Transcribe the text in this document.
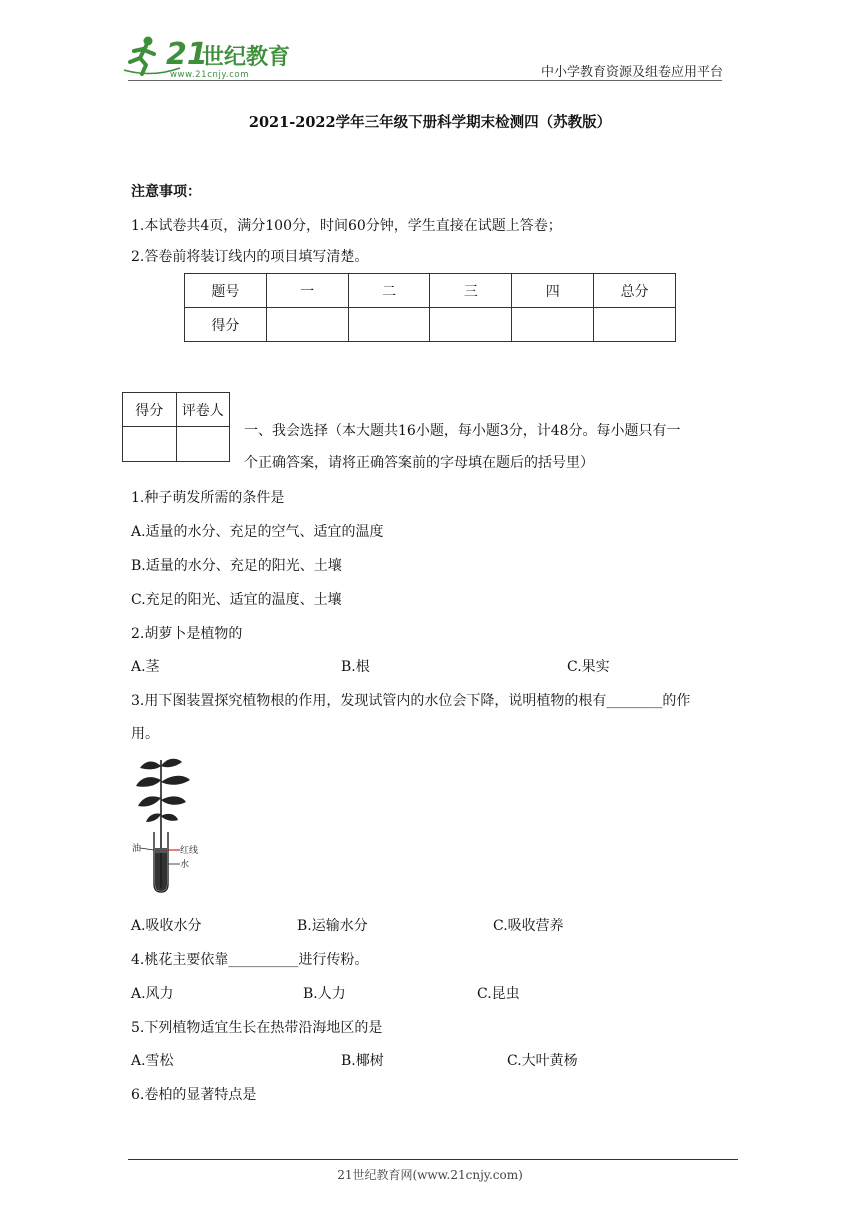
21
世纪教育
www.21cnjy.com	中小学教育资源及组卷应用平台
2021-2022学年三年级下册科学期末检测四（苏教版）
注意事项：
1.本试卷共4页，满分100分，时间60分钟，学生直接在试题上答卷；
2.答卷前将装订线内的项目填写清楚。
题号	一	二	三	四	总分
得分					
得分	评卷人

一、我会选择（本大题共16小题，每小题3分，计48分。每小题只有一
个正确答案，请将正确答案前的字母填在题后的括号里）
1.种子萌发所需的条件是
A.适量的水分、充足的空气、适宜的温度
B.适量的水分、充足的阳光、土壤
C.充足的阳光、适宜的温度、土壤
2.胡萝卜是植物的
A.茎	B.根	C.果实
3.用下图装置探究植物根的作用，发现试管内的水位会下降，说明植物的根有________的作
用。
油	红线
水
A.吸收水分	B.运输水分	C.吸收营养
4.桃花主要依靠__________进行传粉。
A.风力	B.人力	C.昆虫
5.下列植物适宜生长在热带沿海地区的是
A.雪松	B.椰树	C.大叶黄杨
6.卷柏的显著特点是
21世纪教育网(www.21cnjy.com)
